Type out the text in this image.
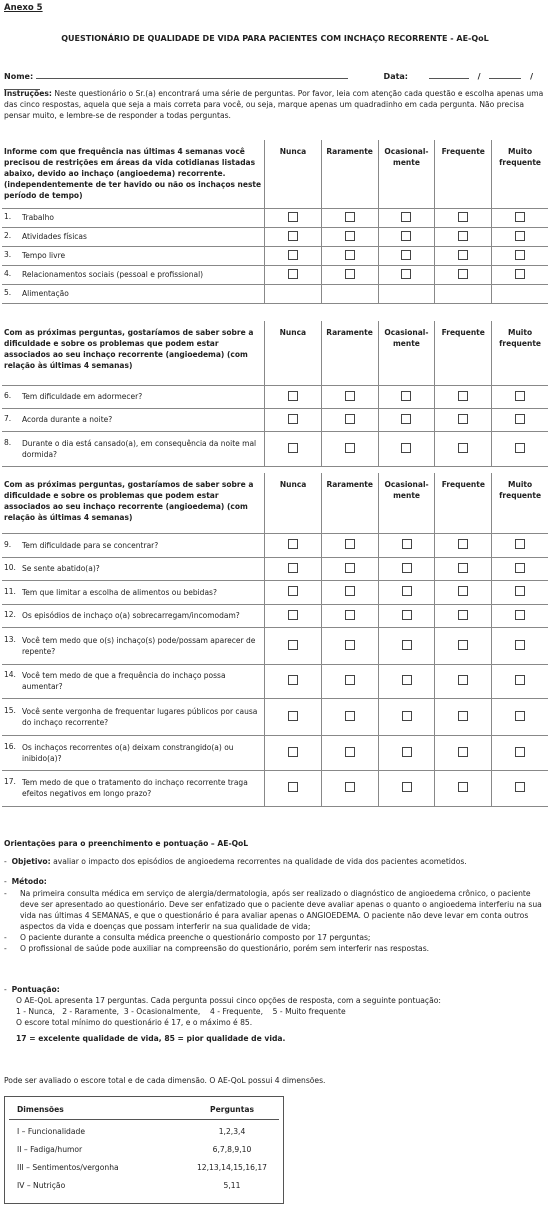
Anexo 5
QUESTIONÁRIO DE QUALIDADE DE VIDA PARA PACIENTES COM INCHAÇO RECORRENTE - AE-QoL
Nome:	Data:	/	/
Instruções: Neste questionário o Sr.(a) encontrará uma série de perguntas. Por favor, leia com atenção cada questão e escolha apenas uma das cinco respostas, aquela que seja a mais correta para você, ou seja, marque apenas um quadradinho em cada pergunta. Não precisa pensar muito, e lembre-se de responder a todas perguntas.
Informe com que frequência nas últimas 4 semanas você precisou de restrições em áreas da vida cotidianas listadas abaixo, devido ao inchaço (angioedema) recorrente.(independentemente de ter havido ou não os inchaços neste período de tempo)	Nunca	Raramente	Ocasional-
mente	Frequente	Muito
frequente

1. Trabalho					

2. Atividades físicas					

3. Tempo livre					

4. Relacionamentos sociais (pessoal e profissional)					

5. Alimentação					

Com as próximas perguntas, gostaríamos de saber sobre a dificuldade e sobre os problemas que podem estar associados ao seu inchaço recorrente (angioedema) (com relação às últimas 4 semanas)	Nunca	Raramente	Ocasional-
mente	Frequente	Muito
frequente

6. Tem dificuldade em adormecer?					

7. Acorda durante a noite?					

8. Durante o dia está cansado(a), em consequência da noite mal dormida?					

Com as próximas perguntas, gostaríamos de saber sobre a dificuldade e sobre os problemas que podem estar associados ao seu inchaço recorrente (angioedema) (com relação às últimas 4 semanas)	Nunca	Raramente	Ocasional-
mente	Frequente	Muito
frequente

9. Tem dificuldade para se concentrar?					

10. Se sente abatido(a)?					

11. Tem que limitar a escolha de alimentos ou bebidas?					

12. Os episódios de inchaço o(a) sobrecarregam/incomodam?					

13. Você tem medo que o(s) inchaço(s) pode/possam aparecer de repente?					

14. Você tem medo de que a frequência do inchaço possa aumentar?					

15. Você sente vergonha de frequentar lugares públicos por causa do inchaço recorrente?					

16. Os inchaços recorrentes o(a) deixam constrangido(a) ou inibido(a)?					

17. Tem medo de que o tratamento do inchaço recorrente traga efeitos negativos em longo prazo?					

Orientações para o preenchimento e pontuação – AE-QoL
-  Objetivo: avaliar o impacto dos episódios de angioedema recorrentes na qualidade de vida dos pacientes acometidos.
-  Método:
-	Na primeira consulta médica em serviço de alergia/dermatologia, após ser realizado o diagnóstico de angioedema crônico, o paciente deve ser apresentado ao questionário. Deve ser enfatizado que o paciente deve avaliar apenas o quanto o angioedema interferiu na sua vida nas últimas 4 SEMANAS, e que o questionário é para avaliar apenas o ANGIOEDEMA. O paciente não deve levar em conta outros aspectos da vida e doenças que possam interferir na sua qualidade de vida;
-	O paciente durante a consulta médica preenche o questionário composto por 17 perguntas;
-	O profissional de saúde pode auxiliar na compreensão do questionário, porém sem interferir nas respostas.
-  Pontuação:
O AE-QoL apresenta 17 perguntas. Cada pergunta possui cinco opções de resposta, com a seguinte pontuação:
1 - Nunca,   2 - Raramente,  3 - Ocasionalmente,    4 - Frequente,    5 - Muito frequente
O escore total mínimo do questionário é 17, e o máximo é 85.
17 = excelente qualidade de vida, 85 = pior qualidade de vida.
Pode ser avaliado o escore total e de cada dimensão. O AE-QoL possui 4 dimensões.
Dimensões	Perguntas
I – Funcionalidade	1,2,3,4
II – Fadiga/humor	6,7,8,9,10
III – Sentimentos/vergonha	12,13,14,15,16,17
IV – Nutrição	5,11
